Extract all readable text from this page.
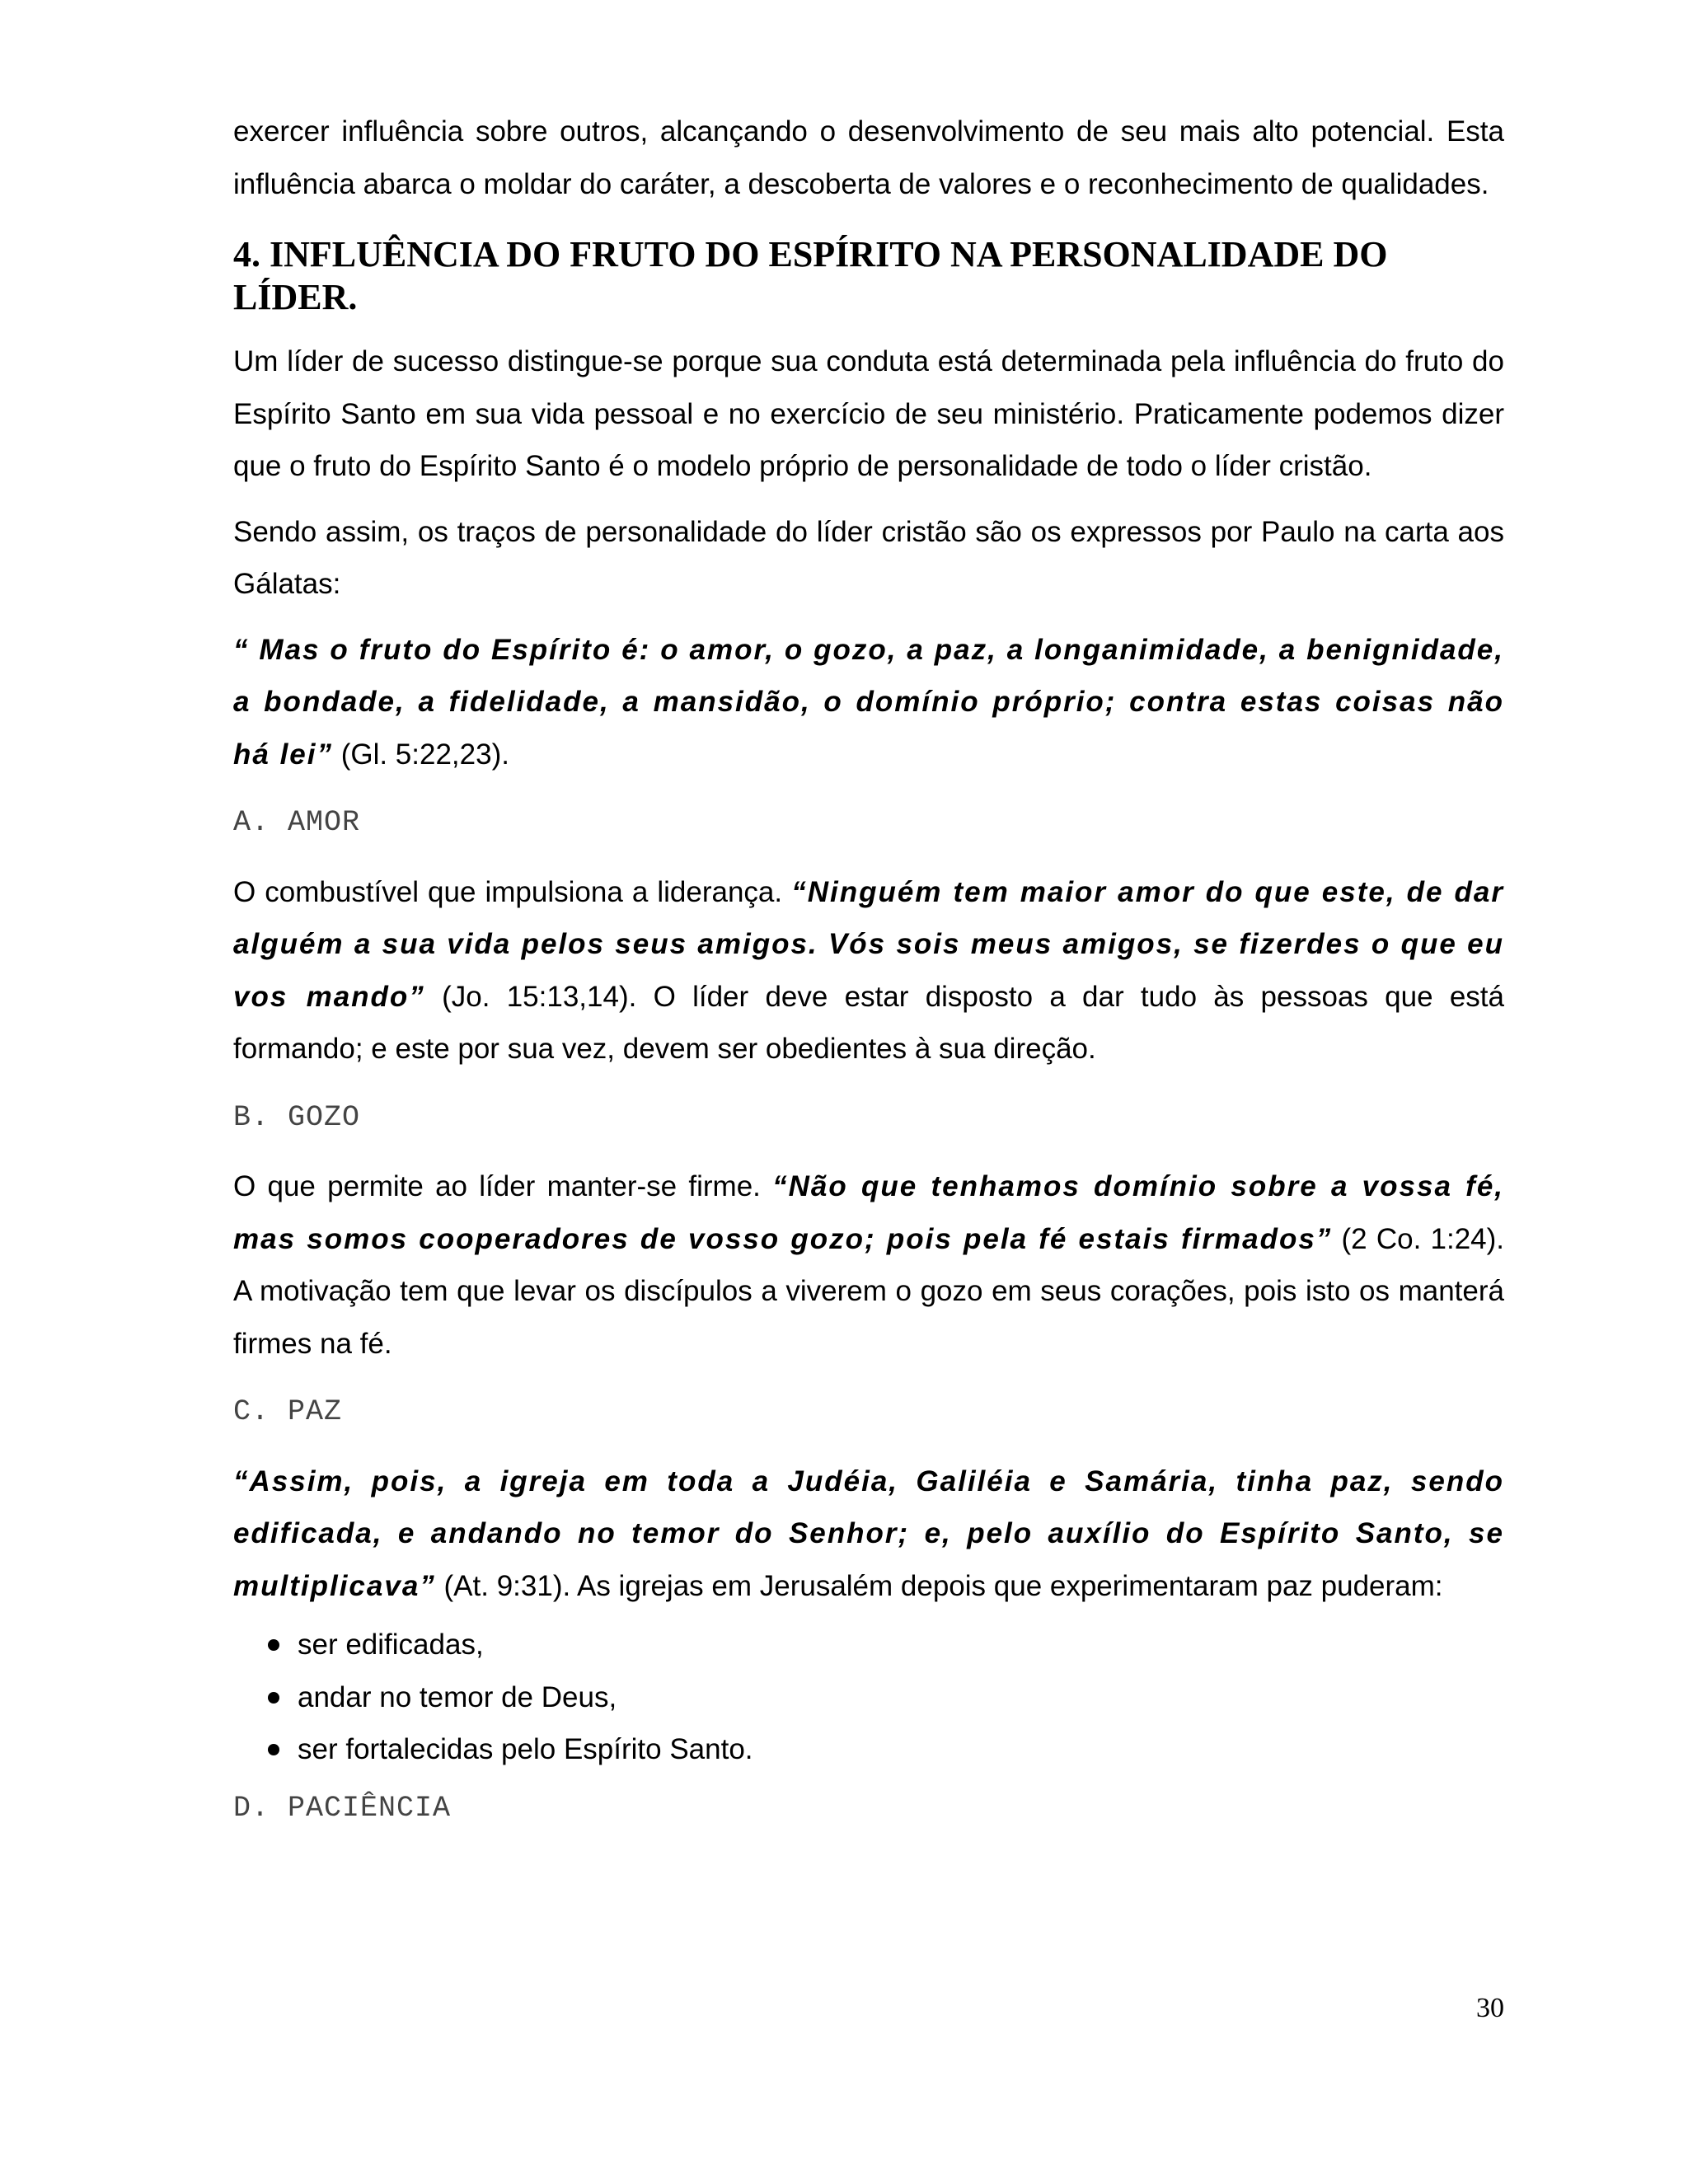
exercer influência sobre outros, alcançando o desenvolvimento de seu mais alto potencial. Esta influência abarca o moldar do caráter, a descoberta de valores e o reconhecimento de qualidades.

4. INFLUÊNCIA DO FRUTO DO ESPÍRITO NA PERSONALIDADE DO LÍDER.

Um líder de sucesso distingue-se porque sua conduta está determinada pela influência do fruto do Espírito Santo em sua vida pessoal e no exercício de seu ministério. Praticamente podemos dizer que o fruto do Espírito Santo é o modelo próprio de personalidade de todo o líder cristão.

Sendo assim, os traços de personalidade do líder cristão são os expressos por Paulo na carta aos Gálatas:

“ Mas o fruto do Espírito é: o amor, o gozo, a paz, a longanimidade, a benignidade, a bondade, a fidelidade, a mansidão, o domínio próprio; contra estas coisas não há lei” (Gl. 5:22,23).

A. AMOR

O combustível que impulsiona a liderança. “Ninguém tem maior amor do que este, de dar alguém a sua vida pelos seus amigos. Vós sois meus amigos, se fizerdes o que eu vos mando” (Jo. 15:13,14). O líder deve estar disposto a dar tudo às pessoas que está formando; e este por sua vez, devem ser obedientes à sua direção.

B. GOZO

O que permite ao líder manter-se firme. “Não que tenhamos domínio sobre a vossa fé, mas somos cooperadores de vosso gozo; pois pela fé estais firmados” (2 Co. 1:24). A motivação tem que levar os discípulos a viverem o gozo em seus corações, pois isto os manterá firmes na fé.

C. PAZ

“Assim, pois, a igreja em toda a Judéia, Galiléia e Samária, tinha paz, sendo edificada, e andando no temor do Senhor; e, pelo auxílio do Espírito Santo, se multiplicava” (At. 9:31). As igrejas em Jerusalém depois que experimentaram paz puderam:

ser edificadas,
andar no temor de Deus,
ser fortalecidas pelo Espírito Santo.
D. PACIÊNCIA
30
